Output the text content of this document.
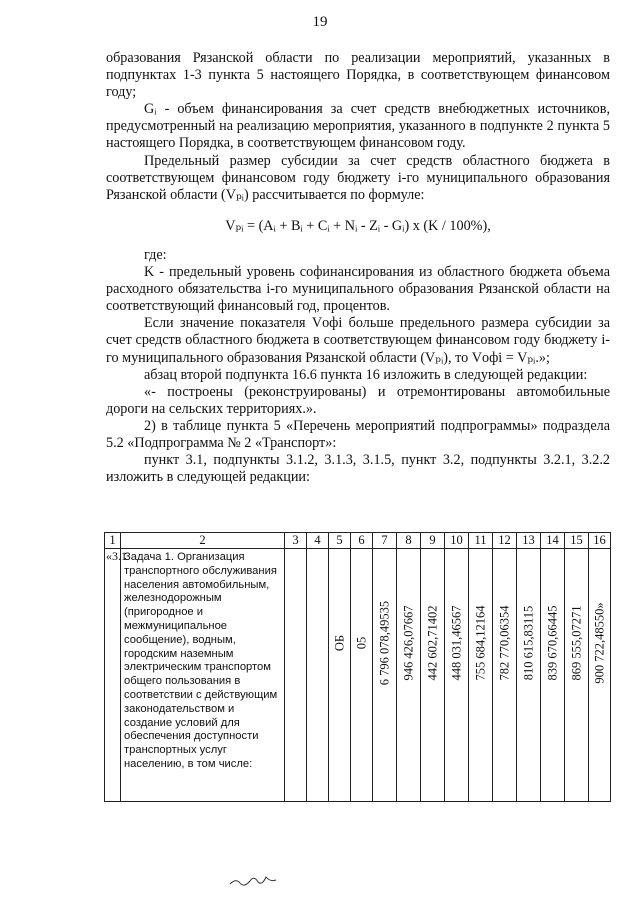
19

образования Рязанской области по реализации мероприятий, указанных в подпунктах 1-3 пункта 5 настоящего Порядка, в соответствующем финансовом году;

Gᵢ - объем финансирования за счет средств внебюджетных источников, предусмотренный на реализацию мероприятия, указанного в подпункте 2 пункта 5 настоящего Порядка, в соответствующем финансовом году.

Предельный размер субсидии за счет средств областного бюджета в соответствующем финансовом году бюджету i-го муниципального образования Рязанской области (Vₚᵢ) рассчитывается по формуле:

Vₚᵢ = (Aᵢ + Bᵢ + Cᵢ + Nᵢ - Zᵢ - Gᵢ) x (K / 100%),

где:

K - предельный уровень софинансирования из областного бюджета объема расходного обязательства i-го муниципального образования Рязанской области на соответствующий финансовый год, процентов.

Если значение показателя Vофi больше предельного размера субсидии за счет средств областного бюджета в соответствующем финансовом году бюджету i-го муниципального образования Рязанской области (Vₚᵢ), то Vофi = Vₚᵢ.»;

абзац второй подпункта 16.6 пункта 16 изложить в следующей редакции:

«- построены (реконструированы) и отремонтированы автомобильные дороги на сельских территориях.».

2) в таблице пункта 5 «Перечень мероприятий подпрограммы» подраздела 5.2 «Подпрограмма № 2 «Транспорт»:

пункт 3.1, подпункты 3.1.2, 3.1.3, 3.1.5, пункт 3.2, подпункты 3.2.1, 3.2.2 изложить в следующей редакции:

1	2	3	4	5	6	7	8	9	10	11	12	13	14	15	16
«3.1	Задача 1. Организация транспортного обслуживания населения автомобильным, железнодорожным (пригородное и межмуниципальное сообщение), водным, городским наземным электрическим транспортом общего пользования в соответствии с действующим законодательством и создание условий для обеспечения доступности транспортных услуг населению, в том числе:			ОБ	05	6 796 078,49535	946 426,07667	442 602,71402	448 031,46567	755 684,12164	782 770,06354	810 615,83115	839 670,66445	869 555,07271	900 722,48550»
